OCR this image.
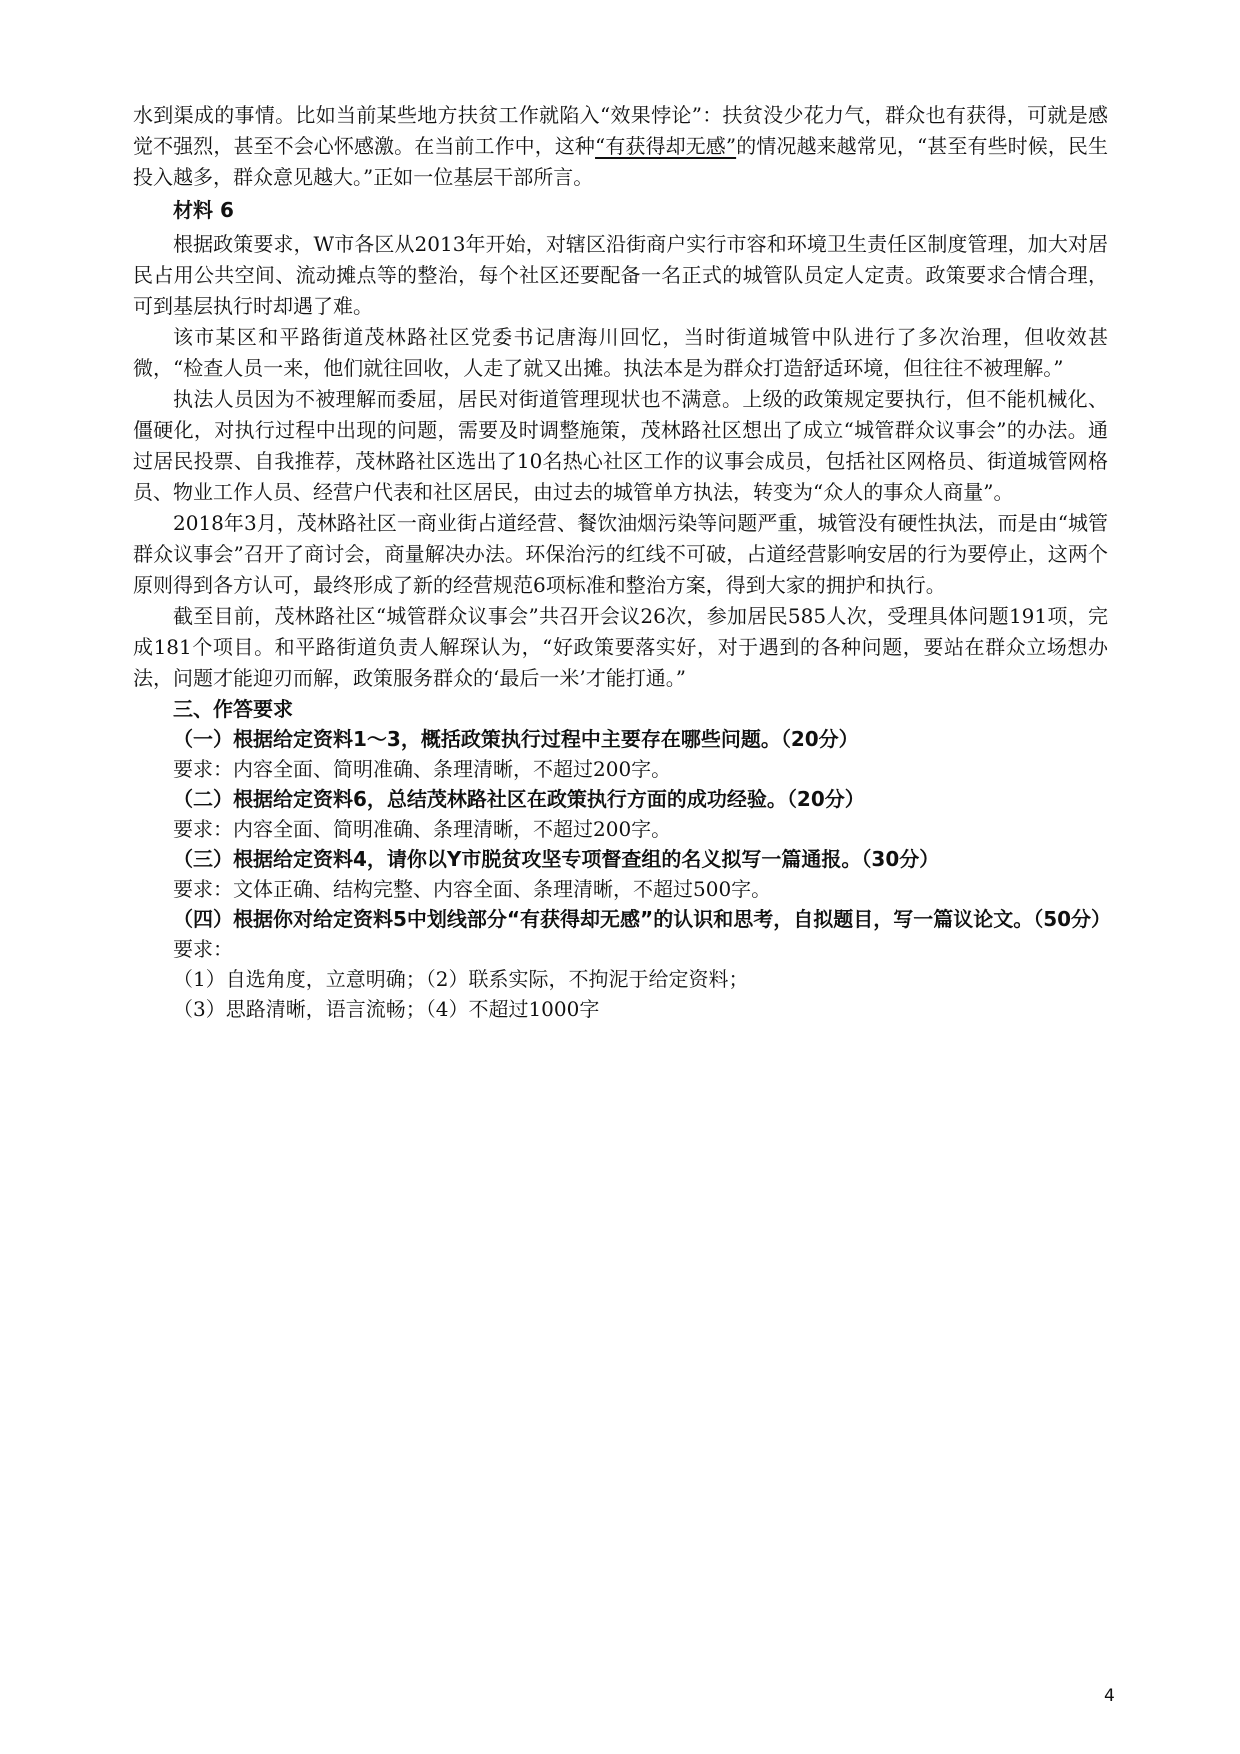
水到渠成的事情。比如当前某些地方扶贫工作就陷入“效果悖论”：扶贫没少花力气，群众也有获得，可就是感觉不强烈，甚至不会心怀感激。在当前工作中，这种“有获得却无感”的情况越来越常见，“甚至有些时候，民生投入越多，群众意见越大。”正如一位基层干部所言。

材料 6

根据政策要求，W市各区从2013年开始，对辖区沿街商户实行市容和环境卫生责任区制度管理，加大对居民占用公共空间、流动摊点等的整治，每个社区还要配备一名正式的城管队员定人定责。政策要求合情合理，可到基层执行时却遇了难。

该市某区和平路街道茂林路社区党委书记唐海川回忆，当时街道城管中队进行了多次治理，但收效甚微，“检查人员一来，他们就往回收，人走了就又出摊。执法本是为群众打造舒适环境，但往往不被理解。”

执法人员因为不被理解而委屈，居民对街道管理现状也不满意。上级的政策规定要执行，但不能机械化、僵硬化，对执行过程中出现的问题，需要及时调整施策，茂林路社区想出了成立“城管群众议事会”的办法。通过居民投票、自我推荐，茂林路社区选出了10名热心社区工作的议事会成员，包括社区网格员、街道城管网格员、物业工作人员、经营户代表和社区居民，由过去的城管单方执法，转变为“众人的事众人商量”。

2018年3月，茂林路社区一商业街占道经营、餐饮油烟污染等问题严重，城管没有硬性执法，而是由“城管群众议事会”召开了商讨会，商量解决办法。环保治污的红线不可破，占道经营影响安居的行为要停止，这两个原则得到各方认可，最终形成了新的经营规范6项标准和整治方案，得到大家的拥护和执行。

截至目前，茂林路社区“城管群众议事会”共召开会议26次，参加居民585人次，受理具体问题191项，完成181个项目。和平路街道负责人解琛认为，“好政策要落实好，对于遇到的各种问题，要站在群众立场想办法，问题才能迎刃而解，政策服务群众的‘最后一米’才能打通。”

三、作答要求

（一）根据给定资料1～3，概括政策执行过程中主要存在哪些问题。（20分）

要求：内容全面、简明准确、条理清晰，不超过200字。

（二）根据给定资料6，总结茂林路社区在政策执行方面的成功经验。（20分）

要求：内容全面、简明准确、条理清晰，不超过200字。

（三）根据给定资料4，请你以Y市脱贫攻坚专项督查组的名义拟写一篇通报。（30分）

要求：文体正确、结构完整、内容全面、条理清晰，不超过500字。

（四）根据你对给定资料5中划线部分“有获得却无感”的认识和思考，自拟题目，写一篇议论文。（50分）

要求：

（1）自选角度，立意明确；（2）联系实际，不拘泥于给定资料；

（3）思路清晰，语言流畅；（4）不超过1000字

4
